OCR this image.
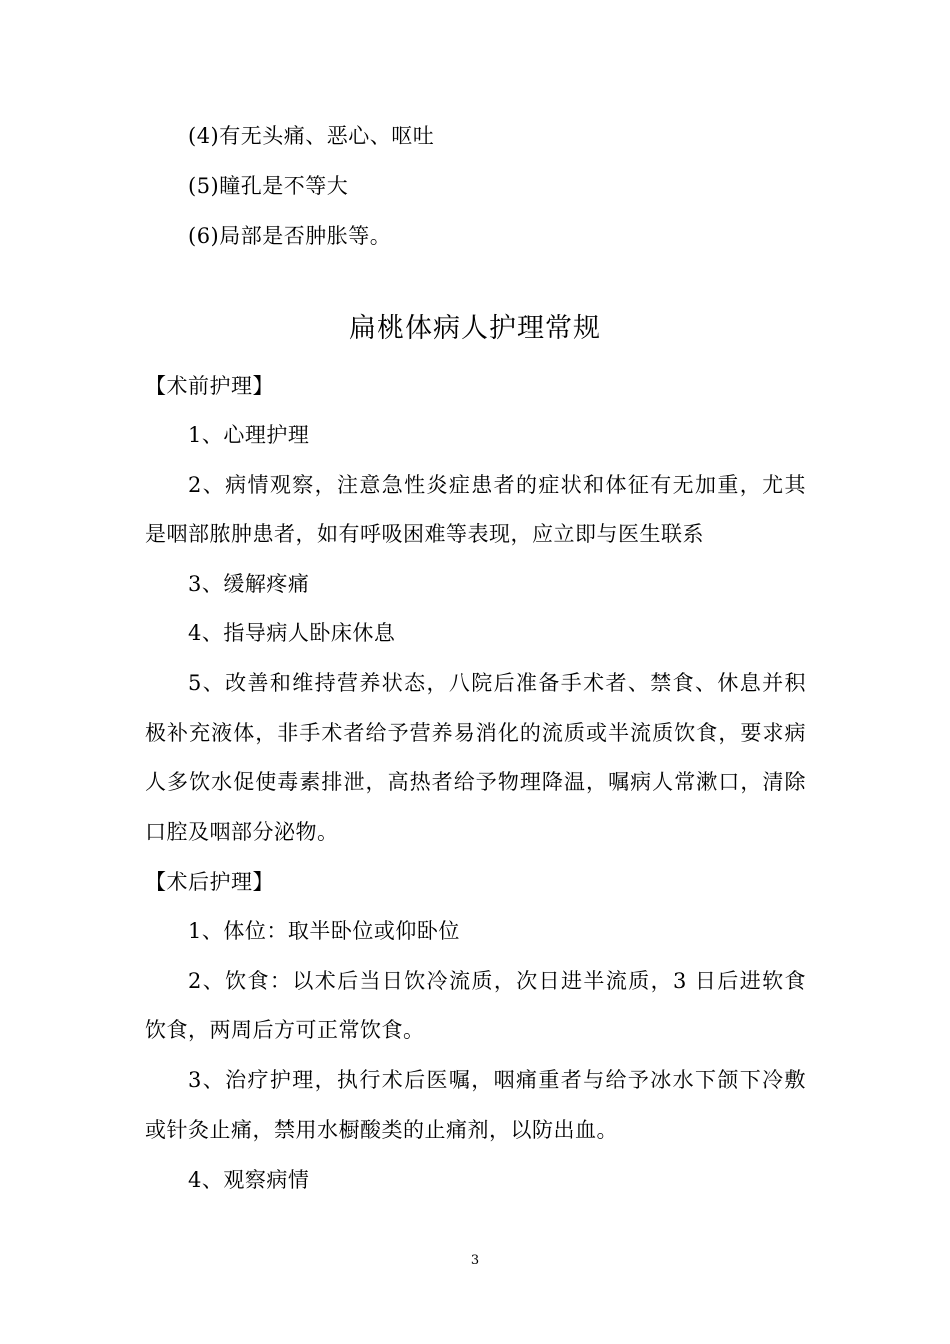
(4)有无头痛、恶心、呕吐
(5)瞳孔是不等大
(6)局部是否肿胀等。
扁桃体病人护理常规
【术前护理】
1、心理护理
2、病情观察，注意急性炎症患者的症状和体征有无加重，尤其
是咽部脓肿患者，如有呼吸困难等表现，应立即与医生联系
3、缓解疼痛
4、指导病人卧床休息
5、改善和维持营养状态，八院后准备手术者、禁食、休息并积
极补充液体，非手术者给予营养易消化的流质或半流质饮食，要求病
人多饮水促使毒素排泄，高热者给予物理降温，嘱病人常漱口，清除
口腔及咽部分泌物。
【术后护理】
1、体位：取半卧位或仰卧位
2、饮食：以术后当日饮冷流质，次日进半流质，3 日后进软食
饮食，两周后方可正常饮食。
3、治疗护理，执行术后医嘱，咽痛重者与给予冰水下颌下冷敷
或针灸止痛，禁用水橱酸类的止痛剂，以防出血。
4、观察病情
3
